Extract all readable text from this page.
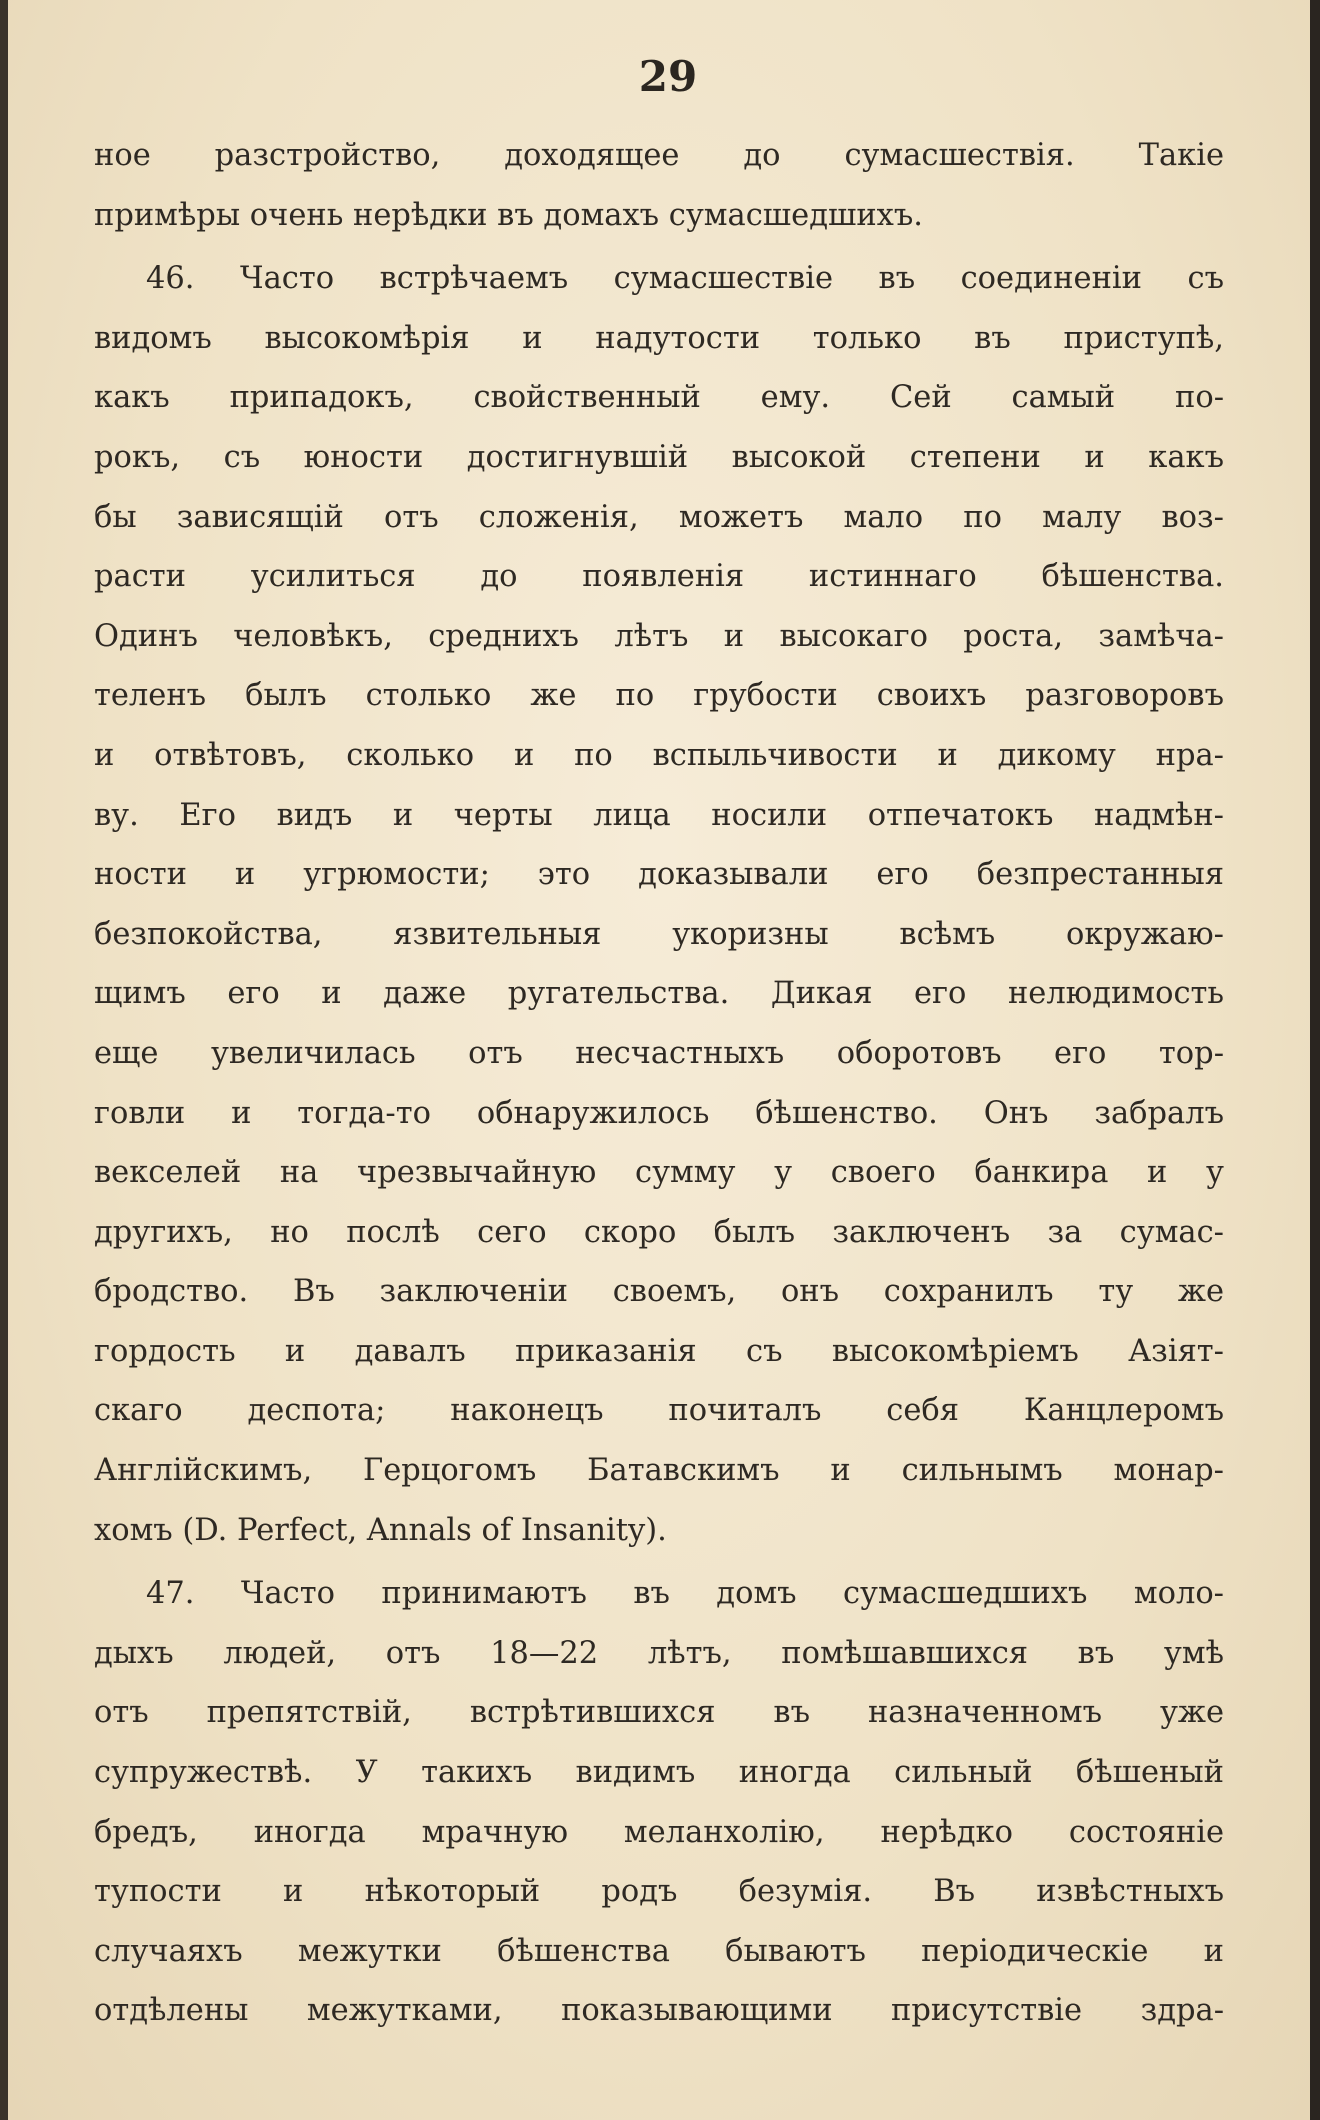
29
ное разстройство, доходящее до сумасшествія. Такіе
примѣры очень нерѣдки въ домахъ сумасшедшихъ.
46. Часто встрѣчаемъ сумасшествіе въ соединеніи съ
видомъ высокомѣрія и надутости только въ приступѣ,
какъ припадокъ, свойственный ему. Сей самый по-
рокъ, съ юности достигнувшій высокой степени и какъ
бы зависящій отъ сложенія, можетъ мало по малу воз-
расти усилиться до появленія истиннаго бѣшенства.
Одинъ человѣкъ, среднихъ лѣтъ и высокаго роста, замѣча-
теленъ былъ столько же по грубости своихъ разговоровъ
и отвѣтовъ, сколько и по вспыльчивости и дикому нра-
ву. Его видъ и черты лица носили отпечатокъ надмѣн-
ности и угрюмости; это доказывали его безпрестанныя
безпокойства, язвительныя укоризны всѣмъ окружаю-
щимъ его и даже ругательства. Дикая его нелюдимость
еще увеличилась отъ несчастныхъ оборотовъ его тор-
говли и тогда-то обнаружилось бѣшенство. Онъ забралъ
векселей на чрезвычайную сумму у своего банкира и у
другихъ, но послѣ сего скоро былъ заключенъ за сумас-
бродство. Въ заключеніи своемъ, онъ сохранилъ ту же
гордость и давалъ приказанія съ высокомѣріемъ Азіят-
скаго деспота; наконецъ почиталъ себя Канцлеромъ
Англійскимъ, Герцогомъ Батавскимъ и сильнымъ монар-
хомъ (D. Perfect, Annals of Insanity).
47. Часто принимаютъ въ домъ сумасшедшихъ моло-
дыхъ людей, отъ 18—22 лѣтъ, помѣшавшихся въ умѣ
отъ препятствій, встрѣтившихся въ назначенномъ уже
супружествѣ. У такихъ видимъ иногда сильный бѣшеный
бредъ, иногда мрачную меланхолію, нерѣдко состояніе
тупости и нѣкоторый родъ безумія. Въ извѣстныхъ
случаяхъ межутки бѣшенства бываютъ періодическіе и
отдѣлены межутками, показывающими присутствіе здра-
